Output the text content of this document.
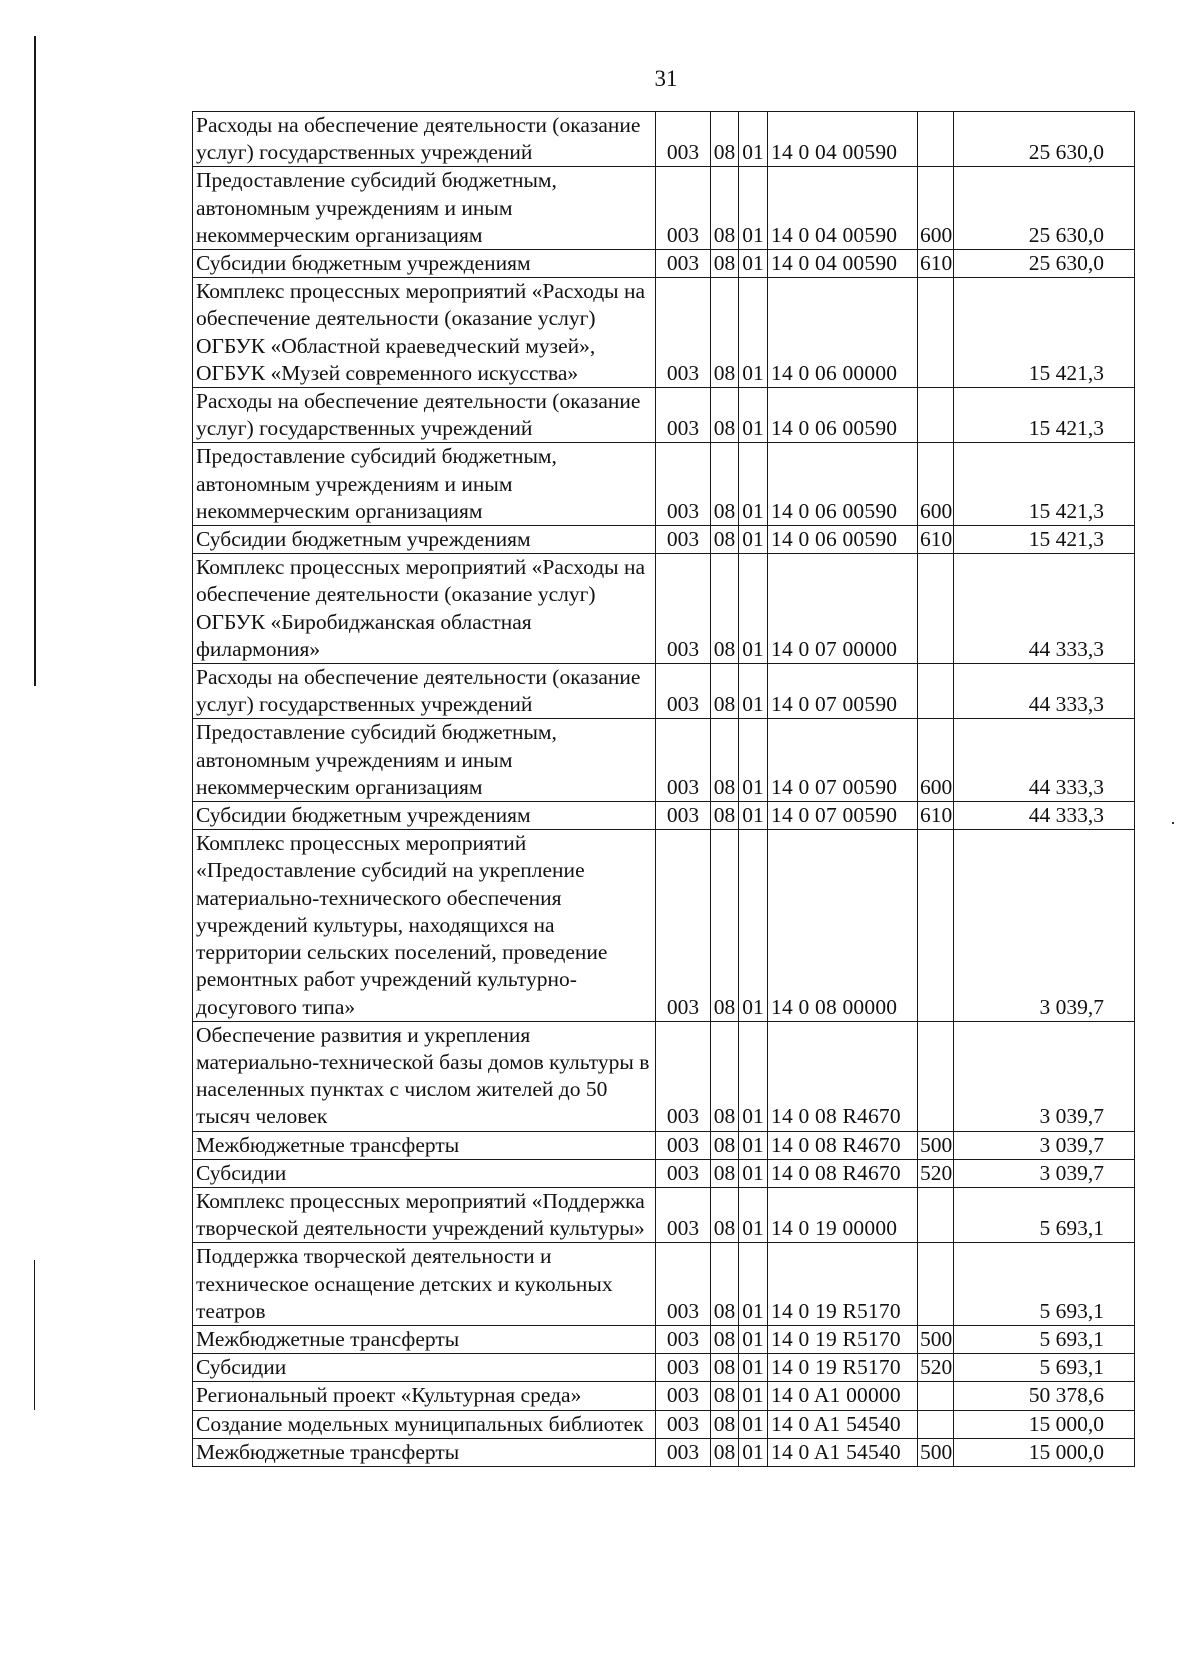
31
Расходы на обеспечение деятельности (оказание услуг) государственных учреждений	003	08	01	14 0 04 00590		25 630,0
Предоставление субсидий бюджетным, автономным учреждениям и иным некоммерческим организациям	003	08	01	14 0 04 00590	600	25 630,0
Субсидии бюджетным учреждениям	003	08	01	14 0 04 00590	610	25 630,0
Комплекс процессных мероприятий «Расходы на обеспечение деятельности (оказание услуг) ОГБУК «Областной краеведческий музей», ОГБУК «Музей современного искусства»	003	08	01	14 0 06 00000		15 421,3
Расходы на обеспечение деятельности (оказание услуг) государственных учреждений	003	08	01	14 0 06 00590		15 421,3
Предоставление субсидий бюджетным, автономным учреждениям и иным некоммерческим организациям	003	08	01	14 0 06 00590	600	15 421,3
Субсидии бюджетным учреждениям	003	08	01	14 0 06 00590	610	15 421,3
Комплекс процессных мероприятий «Расходы на обеспечение деятельности (оказание услуг) ОГБУК «Биробиджанская областная филармония»	003	08	01	14 0 07 00000		44 333,3
Расходы на обеспечение деятельности (оказание услуг) государственных учреждений	003	08	01	14 0 07 00590		44 333,3
Предоставление субсидий бюджетным, автономным учреждениям и иным некоммерческим организациям	003	08	01	14 0 07 00590	600	44 333,3
Субсидии бюджетным учреждениям	003	08	01	14 0 07 00590	610	44 333,3
Комплекс процессных мероприятий «Предоставление субсидий на укрепление материально-технического обеспечения учреждений культуры, находящихся на территории сельских поселений, проведение ремонтных работ учреждений культурно-досугового типа»	003	08	01	14 0 08 00000		3 039,7
Обеспечение развития и укрепления материально-технической базы домов культуры в населенных пунктах с числом жителей до 50 тысяч человек	003	08	01	14 0 08 R4670		3 039,7
Межбюджетные трансферты	003	08	01	14 0 08 R4670	500	3 039,7
Субсидии	003	08	01	14 0 08 R4670	520	3 039,7
Комплекс процессных мероприятий «Поддержка творческой деятельности учреждений культуры»	003	08	01	14 0 19 00000		5 693,1
Поддержка творческой деятельности и техническое оснащение детских и кукольных театров	003	08	01	14 0 19 R5170		5 693,1
Межбюджетные трансферты	003	08	01	14 0 19 R5170	500	5 693,1
Субсидии	003	08	01	14 0 19 R5170	520	5 693,1
Региональный проект «Культурная среда»	003	08	01	14 0 A1 00000		50 378,6
Создание модельных муниципальных библиотек	003	08	01	14 0 A1 54540		15 000,0
Межбюджетные трансферты	003	08	01	14 0 A1 54540	500	15 000,0
